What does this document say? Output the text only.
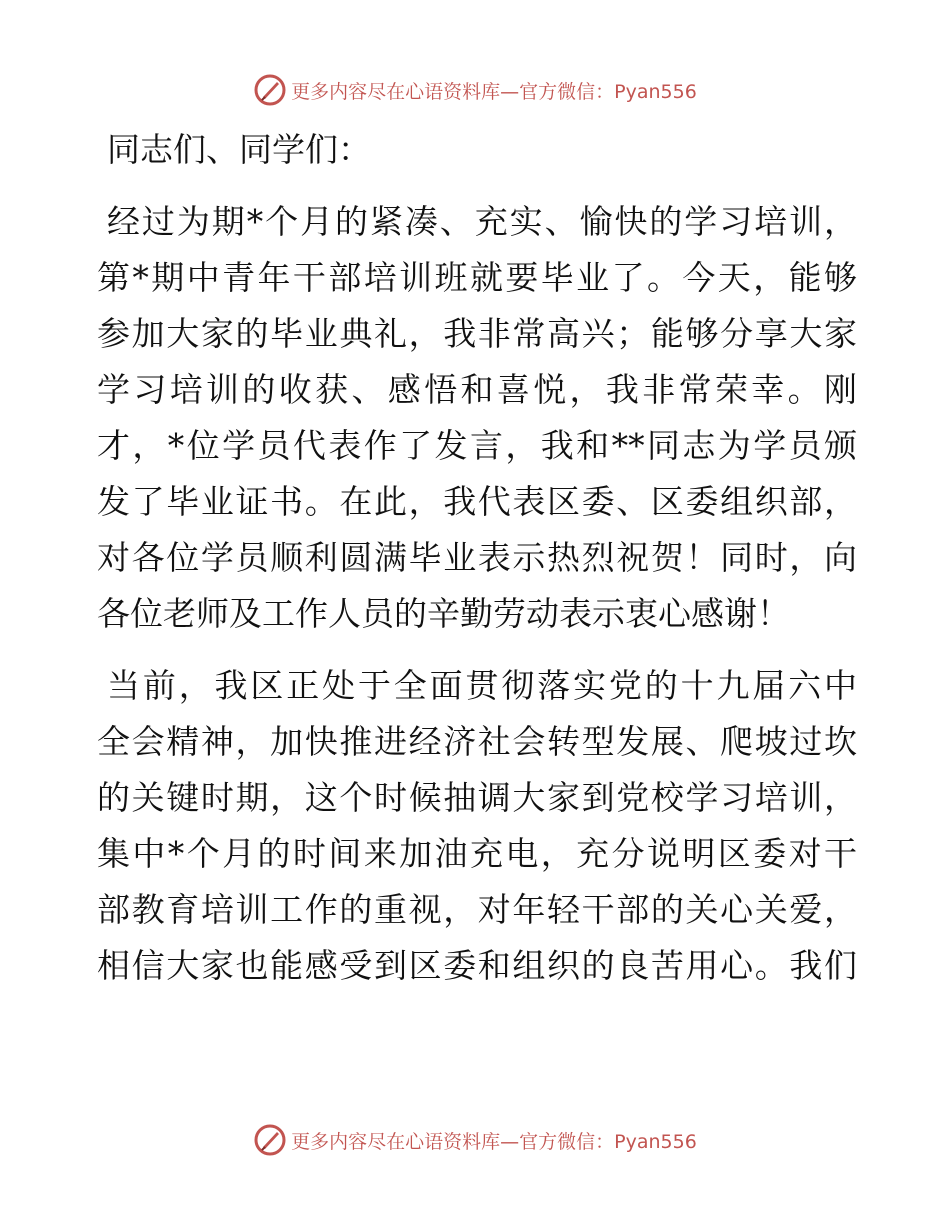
更多内容尽在心语资料库—官方微信：Pyan556
同志们、同学们：
经过为期*个月的紧凑、充实、愉快的学习培训，
第*期中青年干部培训班就要毕业了。今天，能够
参加大家的毕业典礼，我非常高兴；能够分享大家
学习培训的收获、感悟和喜悦，我非常荣幸。刚
才，*位学员代表作了发言，我和**同志为学员颁
发了毕业证书。在此，我代表区委、区委组织部，
对各位学员顺利圆满毕业表示热烈祝贺！同时，向
各位老师及工作人员的辛勤劳动表示衷心感谢！
当前，我区正处于全面贯彻落实党的十九届六中
全会精神，加快推进经济社会转型发展、爬坡过坎
的关键时期，这个时候抽调大家到党校学习培训，
集中*个月的时间来加油充电，充分说明区委对干
部教育培训工作的重视，对年轻干部的关心关爱，
相信大家也能感受到区委和组织的良苦用心。我们
更多内容尽在心语资料库—官方微信：Pyan556
